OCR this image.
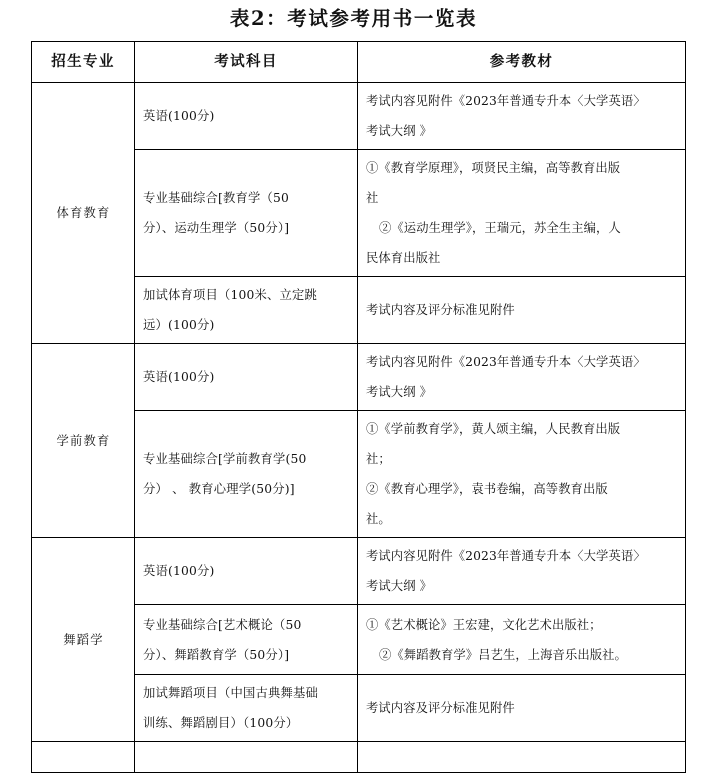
表2：考试参考用书一览表
招生专业	考试科目	参考教材
体育教育	英语(100分)	考试内容见附件《2023年普通专升本〈大学英语〉
考试大纲 》

	专业基础综合[教育学（50
分）、运动生理学（50分）]	①《教育学原理》，项贤民主编，高等教育出版
社
②《运动生理学》，王瑞元，苏全生主编，人
民体育出版社

	加试体育项目（100米、立定跳
远）(100分)	考试内容及评分标准见附件

学前教育	英语(100分)	考试内容见附件《2023年普通专升本〈大学英语〉
考试大纲 》

	专业基础综合[学前教育学(50
分） 、 教育心理学(50分)]	①《学前教育学》，黄人颂主编，人民教育出版
社；
②《教育心理学》，袁书卷编，高等教育出版
社。

舞蹈学	英语(100分)	考试内容见附件《2023年普通专升本〈大学英语〉
考试大纲 》

	专业基础综合[艺术概论（50
分）、舞蹈教育学（50分）]	①《艺术概论》王宏建，文化艺术出版社；
②《舞蹈教育学》吕艺生，上海音乐出版社。

	加试舞蹈项目（中国古典舞基础
训练、舞蹈剧目）（100分）	考试内容及评分标准见附件
